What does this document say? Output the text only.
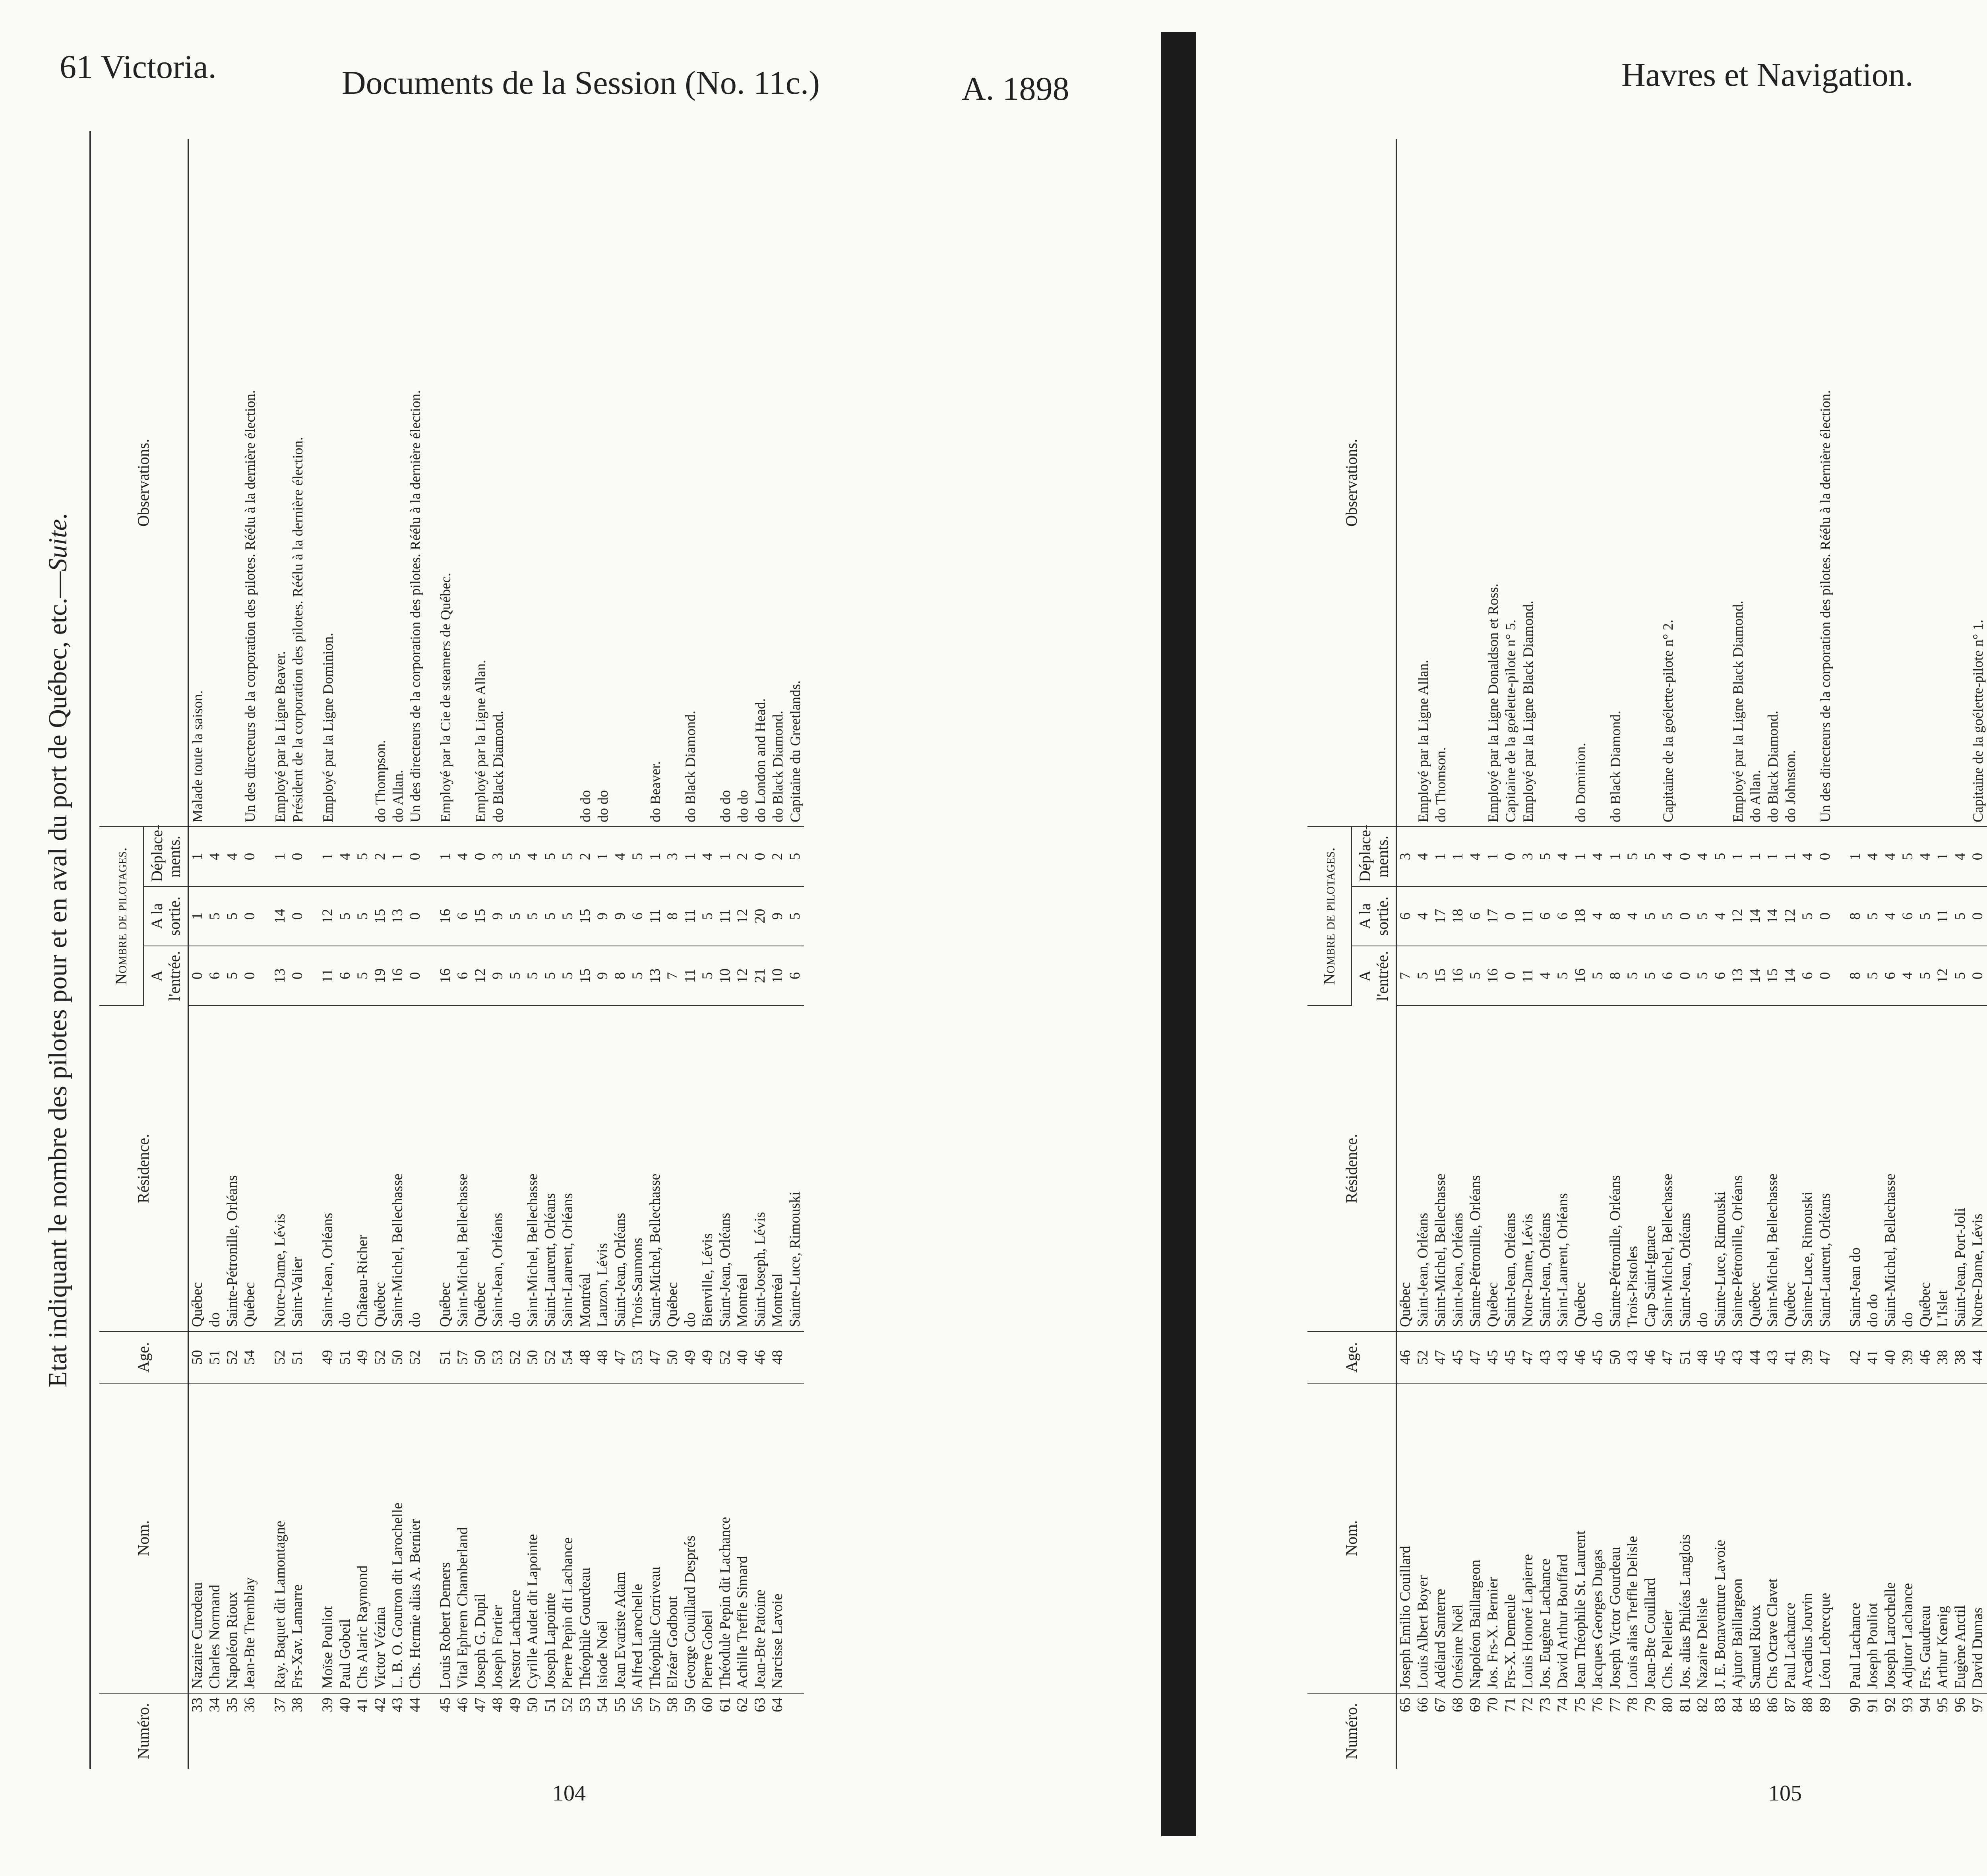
61 Victoria.	Documents de la Session (No. 11c.)	A. 1898
Etat indiquant le nombre des pilotes pour et en aval du port de Québec, etc.—Suite.
Numéro.	Nom.	Age.	Résidence.	Nombre de pilotages.			Observations.
				A l'entrée.	A la sortie.	Déplace-ments.	
33	Nazaire Curodeau	50	Québec	0	1	1	Malade toute la saison.
34	Charles Normand	51	do	6	5	4	
35	Napoléon Rioux	52	Sainte-Pétronille, Orléans	5	5	4	
36	Jean-Bte Tremblay	54	Québec	0	0	0	Un des directeurs de la corporation des pilotes. Réélu à la dernière élection.
37	Ray. Baquet dit Lamontagne	52	Notre-Dame, Lévis	13	14	1	Employé par la Ligne Beaver.
38	Frs-Xav. Lamarre	51	Saint-Valier	0	0	0	Président de la corporation des pilotes. Réélu à la dernière élection.
39	Moïse Pouliot	49	Saint-Jean, Orléans	11	12	1	Employé par la Ligne Dominion.
40	Paul Gobeil	51	do	6	5	4	
41	Chs Alaric Raymond	49	Château-Richer	5	5	5	
42	Victor Vézina	52	Québec	19	15	2	do Thompson.
43	L. B. O. Goutron dit Larochelle	50	Saint-Michel, Bellechasse	16	13	1	do Allan.
44	Chs. Hermie alias A. Bernier	52	do	0	0	0	Un des directeurs de la corporation des pilotes. Réélu à la dernière élection.
45	Louis Robert Demers	51	Québec	16	16	1	Employé par la Cie de steamers de Québec.
46	Vital Ephrem Chamberland	57	Saint-Michel, Bellechasse	6	6	4	
47	Joseph G. Dupil	50	Québec	12	15	0	Employé par la Ligne Allan.
48	Joseph Fortier	53	Saint-Jean, Orléans	9	9	3	do Black Diamond.
49	Nestor Lachance	52	do	5	5	5	
50	Cyrille Audet dit Lapointe	50	Saint-Michel, Bellechasse	5	5	4	
51	Joseph Lapointe	52	Saint-Laurent, Orléans	5	5	5	
52	Pierre Pepin dit Lachance	54	Saint-Laurent, Orléans	5	5	5	
53	Théophile Gourdeau	48	Montréal	15	15	2	do do
54	Isiode Noël	48	Lauzon, Lévis	9	9	1	do do
55	Jean Evariste Adam	47	Saint-Jean, Orléans	8	9	4	
56	Alfred Larochelle	53	Trois-Saumons	5	6	5	
57	Théophile Corriveau	47	Saint-Michel, Bellechasse	13	11	1	do Beaver.
58	Elzéar Godbout	50	Québec	7	8	3	
59	George Couillard Després	49	do	11	11	1	do Black Diamond.
60	Pierre Gobeil	49	Bienville, Lévis	5	5	4	
61	Théodule Pepin dit Lachance	52	Saint-Jean, Orléans	10	11	1	do do
62	Achille Treffle Simard	40	Montréal	12	12	2	do do
63	Jean-Bte Patoine	46	Saint-Joseph, Lévis	21	20	0	do London and Head.
64	Narcisse Lavoie	48	Montréal	10	9	2	do Black Diamond.
			Sainte-Luce, Rimouski	6	5	5	Capitaine du Greetlands.
104
Havres et Navigation.
Numéro.	Nom.	Age.	Résidence.	Nombre de pilotages.			Observations.
				A l'entrée.	A la sortie.	Déplace-ments.	
65	Joseph Emilio Couillard	46	Québec	7	6	3	
66	Louis Albert Boyer	52	Saint-Jean, Orléans	5	4	4	Employé par la Ligne Allan.
67	Adélard Santerre	47	Saint-Michel, Bellechasse	15	17	1	do Thomson.
68	Onésime Noël	45	Saint-Jean, Orléans	16	18	1	
69	Napoléon Baillargeon	47	Sainte-Pétronille, Orléans	5	6	4	
70	Jos. Frs-X. Bernier	45	Québec	16	17	1	Employé par la Ligne Donaldson et Ross.
71	Frs-X. Demeule	45	Saint-Jean, Orléans	0	0	0	Capitaine de la goélette-pilote n° 5.
72	Louis Honoré Lapierre	47	Notre-Dame, Lévis	11	11	3	Employé par la Ligne Black Diamond.
73	Jos. Eugène Lachance	43	Saint-Jean, Orléans	4	6	5	
74	David Arthur Bouffard	43	Saint-Laurent, Orléans	5	6	4	
75	Jean Théophile St. Laurent	46	Québec	16	18	1	do Dominion.
76	Jacques Georges Dugas	45	do	5	4	4	
77	Joseph Victor Gourdeau	50	Sainte-Pétronille, Orléans	8	8	1	do Black Diamond.
78	Louis alias Treffle Delisle	43	Trois-Pistoles	5	4	5	
79	Jean-Bte Couillard	46	Cap Saint-Ignace	5	5	5	
80	Chs. Pelletier	47	Saint-Michel, Bellechasse	6	5	4	Capitaine de la goélette-pilote n° 2.
81	Jos. alias Philéas Langlois	51	Saint-Jean, Orléans	0	0	0	
82	Nazaire Delisle	48	do	5	5	4	
83	J. E. Bonaventure Lavoie	45	Sainte-Luce, Rimouski	6	4	5	
84	Ajutor Baillargeon	43	Sainte-Pétronille, Orléans	13	12	1	Employé par la Ligne Black Diamond.
85	Samuel Rioux	44	Québec	14	14	1	do Allan.
86	Chs Octave Clavet	43	Saint-Michel, Bellechasse	15	14	1	do Black Diamond.
87	Paul Lachance	41	Québec	14	12	1	do Johnston.
88	Arcadius Jouvin	39	Sainte-Luce, Rimouski	6	5	4	
89	Léon Lebrecque	47	Saint-Laurent, Orléans	0	0	0	Un des directeurs de la corporation des pilotes. Réélu à la dernière élection.
90	Paul Lachance	42	Saint-Jean do	8	8	1	
91	Joseph Pouliot	41	do do	5	5	4	
92	Joseph Larochelle	40	Saint-Michel, Bellechasse	6	4	4	
93	Adjutor Lachance	39	do	4	6	5	
94	Frs. Gaudreau	46	Québec	5	5	4	
95	Arthur Kœnig	38	L'Islet	12	11	1	
96	Eugène Anctil	38	Saint-Jean, Port-Joli	5	5	4	
97	David Dumas	44	Notre-Dame, Lévis	0	0	0	Capitaine de la goélette-pilote n° 1.

105
